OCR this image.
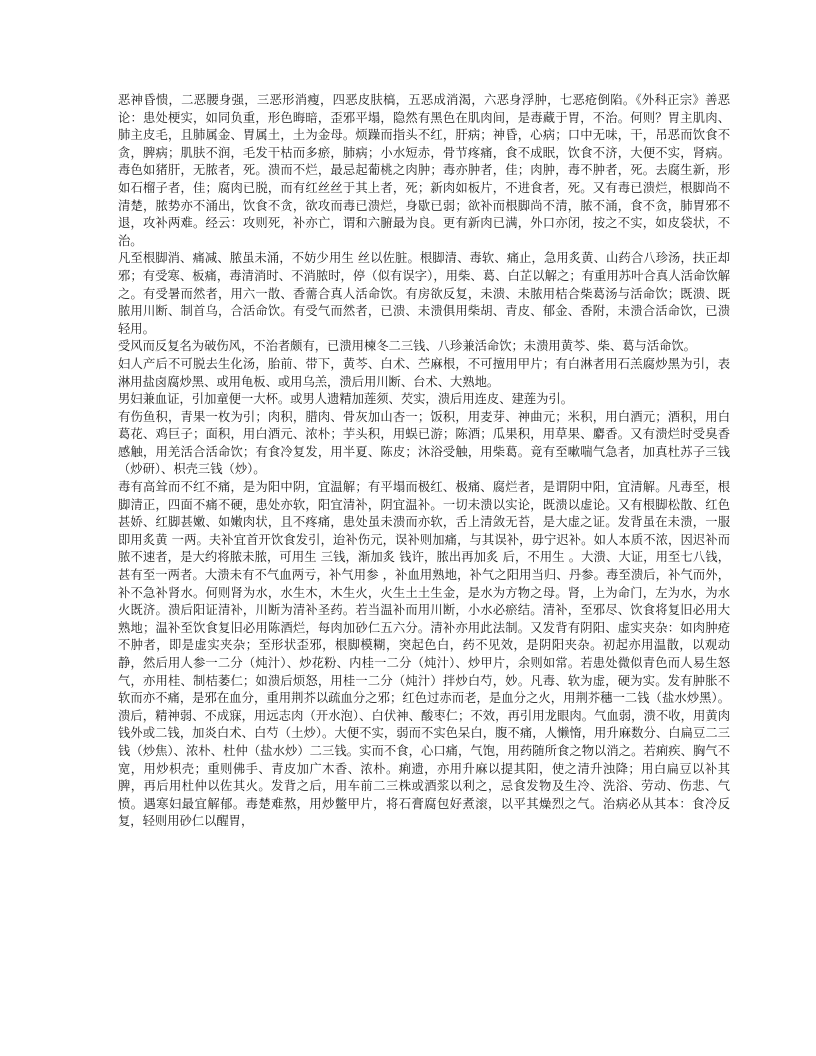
恶神昏愦，二恶腰身强，三恶形消瘦，四恶皮肤槁，五恶成消渴，六恶身浮肿，七恶疮倒陷。《外科正宗》善恶论：患处梗实，如同负重，形色晦暗，歪邪平塌，隐然有黑色在肌肉间，是毒藏于胃，不治。何则？胃主肌肉、肺主皮毛，且肺属金、胃属土，土为金母。烦躁而指头不红，肝病；神昏，心病；口中无味，干，吊恶而饮食不贪，脾病；肌肤不润，毛发干枯而多瘀，肺病；小水短赤，骨节疼痛，食不成眠，饮食不济，大便不实，肾病。毒色如猪肝，无脓者，死。溃而不烂，最忌起葡桃之肉肿；毒亦肿者，佳；肉肿，毒不肿者，死。去腐生新，形如石榴子者，佳；腐肉已脱，而有红丝丝于其上者，死；新肉如板片，不进食者，死。又有毒已溃烂，根脚尚不清楚，脓势亦不涌出，饮食不贪，欲攻而毒已溃烂，身歇已弱；欲补而根脚尚不清，脓不涌，食不贪，肺胃邪不退，攻补两难。经云：攻则死，补亦亡，谓和六腑最为良。更有新肉已满，外口亦闭，按之不实，如皮袋状，不治。

凡至根脚消、痛减、脓虽未涌，不妨少用生 丝以佐脏。根脚清、毒软、痛止，急用炙黄、山药合八珍汤，扶正却邪；有受寒、板痛，毒清消时、不消脓时，停（似有误字），用柴、葛、白芷以解之；有重用苏叶合真人活命饮解之。有受暑而然者，用六一散、香薷合真人活命饮。有房欲反复，未溃、未脓用桔合柴葛汤与活命饮；既溃、既脓用川断、制首乌，合活命饮。有受气而然者，已溃、未溃俱用柴胡、青皮、郁金、香附，未溃合活命饮，已溃轻用。

受风而反复名为破伤风，不治者颇有，已溃用楝冬二三钱、八珍兼活命饮；未溃用黄芩、柴、葛与活命饮。

妇人产后不可脱去生化汤，胎前、带下，黄芩、白术、苎麻根，不可擅用甲片；有白淋者用石羔腐炒黑为引，表淋用盐卤腐炒黑、或用龟板、或用乌羔，溃后用川断、台术、大熟地。

男妇兼血证，引加童便一大杯。或男人遗精加莲须、芡实，溃后用连皮、建莲为引。

有伤鱼积，青果一枚为引；肉积，腊肉、骨灰加山杏一；饭积，用麦芽、神曲元；米积，用白酒元；酒积，用白葛花、鸡巨子；面积，用白酒元、浓朴；芋头积，用蜈已游；陈酒；瓜果积，用草果、麝香。又有溃烂时受臭香感触，用羌活合活命饮；有食冷复发，用半夏、陈皮；沐浴受触，用柴葛。竟有至嗽喘气急者，加真杜苏子三钱（炒研）、枳壳三钱（炒）。

毒有高耸而不红不痛，是为阳中阴，宜温解；有平塌而极红、极痛、腐烂者，是谓阴中阳，宜清解。凡毒至，根脚清正，四面不痛不硬，患处亦软，阳宜清补，阴宜温补。一切未溃以实论，既溃以虚论。又有根脚松散、红色甚娇、红脚甚嫩、如嫩肉状，且不疼痛，患处虽未溃而亦软，舌上清敛无苔，是大虚之证。发背虽在未溃，一服即用炙黄 一两。夫补宜首开饮食发引，迨补伤元，误补则加痛，与其误补，毋宁迟补。如人本质不浓，因迟补而脓不速者，是大约将脓未脓，可用生 三钱，渐加炙 钱许，脓出再加炙 后，不用生 。大溃、大证，用至七八钱，甚有至一两者。大溃未有不气血两亏，补气用参 ，补血用熟地，补气之阳用当归、丹参。毒至溃后，补气而外，补不急补肾水。何则肾为水，水生木，木生火，火生土土生金，是水为方物之母。肾，上为命门，左为水，为水火既济。溃后阳证清补，川断为清补圣药。若当温补而用川断，小水必瘀结。清补，至邪尽、饮食将复旧必用大熟地；温补至饮食复旧必用陈酒烂，每肉加砂仁五六分。清补亦用此法制。又发背有阴阳、虚实夹杂：如肉肿疮不肿者，即是虚实夹杂；至形状歪邪，根脚模糊，突起色白，药不见效，是阴阳夹杂。初起亦用温散，以观动静，然后用人参一二分（炖汁）、炒花粉、内桂一二分（炖汁）、炒甲片，余则如常。若患处微似青色而人易生怒气，亦用桂、制桔萎仁；如溃后烦怒，用桂一二分（炖汁）拌炒白芍，妙。凡毒、软为虚，硬为实。发有肿胀不软而亦不痛，是邪在血分，重用荆芥以疏血分之邪；红色过赤而老，是血分之火，用荆芥穗一二钱（盐水炒黑）。溃后，精神弱、不成寐，用远志肉（开水泡）、白伏神、酸枣仁；不效，再引用龙眼肉。气血弱，溃不收，用黄肉钱外或二钱，加炎白术、白芍（土炒）。大便不实，弱而不实色呆白，腹不痛，人懒惰，用升麻数分、白扁豆二三钱（炒焦）、浓朴、杜仲（盐水炒）二三钱。实而不食，心口痛，气饱，用药随所食之物以消之。若痢疾、胸气不宽，用炒枳壳；重则佛手、青皮加广木香、浓朴。痢遗，亦用升麻以提其阳，使之清升浊降；用白扁豆以补其脾，再后用杜仲以佐其火。发背之后，用车前二三株或酒浆以利之，忌食发物及生冷、洗浴、劳动、伤悲、气愤。遇寒妇最宜解郁。毒楚难熬，用炒鳖甲片，将石膏腐包好煮滚，以平其燥烈之气。治病必从其本：食冷反复，轻则用砂仁以醒胃，
